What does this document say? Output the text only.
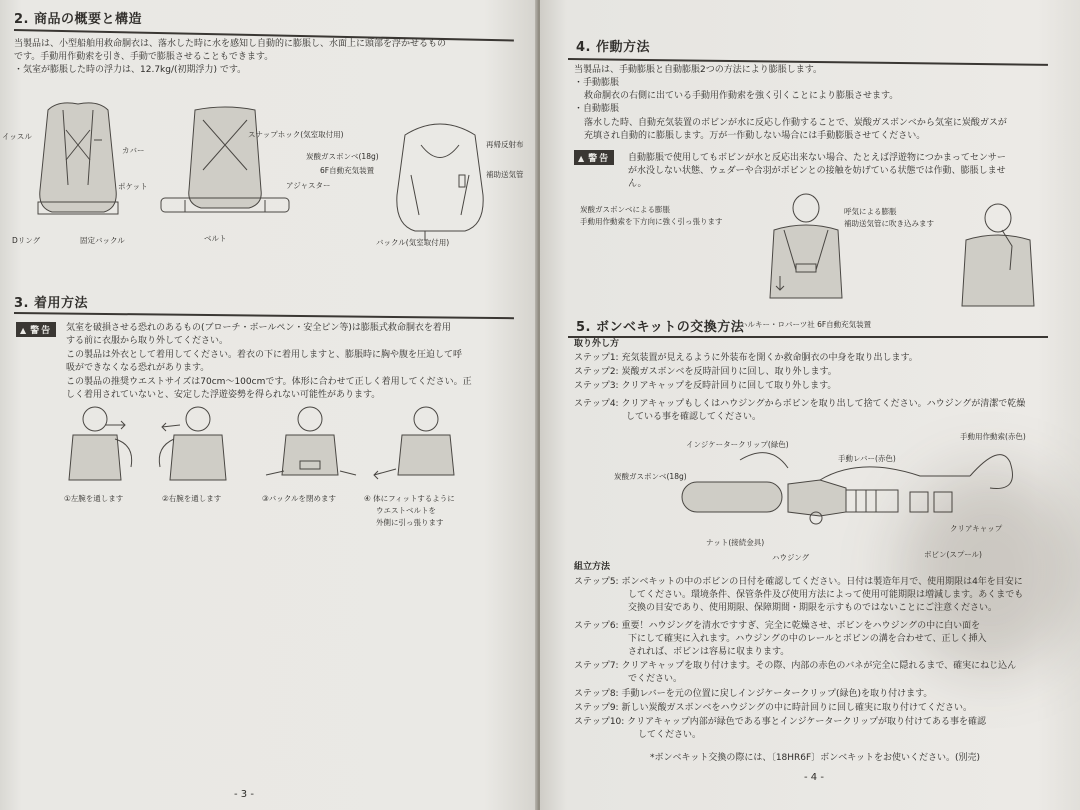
2. 商品の概要と構造
当製品は、小型船舶用救命胴衣は、落水した時に水を感知し自動的に膨脹し、水面上に頭部を浮かせるもの
です。手動用作動索を引き、手動で膨脹させることもできます。
・気室が膨脹した時の浮力は、12.7kg/(初期浮力) です。
イッスル
カバー
ポケット
Dリング	固定バックル	ベルト
スナップホック(気室取付用)
炭酸ガスボンベ(18g)
6F自動充気装置
アジャスター
再帰反射布
補助送気管
バックル(気室取付用)
3. 着用方法
▲ 警告	気室を破損させる恐れのあるもの(ブローチ・ボールペン・安全ピン等)は膨脹式救命胴衣を着用
する前に衣服から取り外してください。
この製品は外衣として着用してください。着衣の下に着用しますと、膨脹時に胸や腹を圧迫して呼
吸ができなくなる恐れがあります。
この製品の推奨ウエストサイズは70cm〜100cmです。体形に合わせて正しく着用してください。正
しく着用されていないと、安定した浮遊姿勢を得られない可能性があります。
①左腕を通します	②右腕を通します	③バックルを閉めます	④ 体にフィットするように
ウエストベルトを
外側に引っ張ります
- 3 -
4. 作動方法
当製品は、手動膨脹と自動膨脹2つの方法により膨脹します。
・手動膨脹
救命胴衣の右側に出ている手動用作動索を強く引くことにより膨脹させます。
・自動膨脹
落水した時、自動充気装置のボビンが水に反応し作動することで、炭酸ガスボンベから気室に炭酸ガスが
充填され自動的に膨脹します。万が一作動しない場合には手動膨脹させてください。
▲ 警告	自動膨脹で使用してもボビンが水と反応出来ない場合、たとえば浮遊物につかまってセンサー
が水没しない状態、ウェダーや合羽がボビンとの接触を妨げている状態では作動、膨脹しませ
ん。
炭酸ガスボンベによる膨脹
手動用作動索を下方向に強く引っ張ります
呼気による膨脹
補助送気管に吹き込みます
5. ボンベキットの交換方法
ハルキー・ロバーツ社 6F自動充気装置
取り外し方
ステップ1: 充気装置が見えるように外装布を開くか救命胴衣の中身を取り出します。
ステップ2: 炭酸ガスボンベを反時計回りに回し、取り外します。
ステップ3: クリアキャップを反時計回りに回して取り外します。
ステップ4: クリアキャップもしくはハウジングからボビンを取り出して捨てください。ハウジングが清潔で乾燥
している事を確認してください。
インジケータークリップ(緑色)
手動用作動索(赤色)
手動レバー(赤色)
炭酸ガスボンベ(18g)
クリアキャップ
ナット(接続金具)
ボビン(スプール)
ハウジング
組立方法
ステップ5: ボンベキットの中のボビンの日付を確認してください。日付は製造年月で、使用期限は4年を目安に
してください。環境条件、保管条件及び使用方法によって使用可能期限は増減します。あくまでも
交換の目安であり、使用期限、保障期間・期限を示すものではないことにご注意ください。
ステップ6: 重要！ハウジングを清水ですすぎ、完全に乾燥させ、ボビンをハウジングの中に白い面を
下にして確実に入れます。ハウジングの中のレールとボビンの溝を合わせて、正しく挿入
されれば、ボビンは容易に収まります。
ステップ7: クリアキャップを取り付けます。その際、内部の赤色のバネが完全に隠れるまで、確実にねじ込ん
でください。
ステップ8: 手動レバーを元の位置に戻しインジケータークリップ(緑色)を取り付けます。
ステップ9: 新しい炭酸ガスボンベをハウジングの中に時計回りに回し確実に取り付けてください。
ステップ10: クリアキャップ内部が緑色である事とインジケータークリップが取り付けてある事を確認
してください。
*ボンベキット交換の際には、〔18HR6F〕ボンベキットをお使いください。(別売)
- 4 -
